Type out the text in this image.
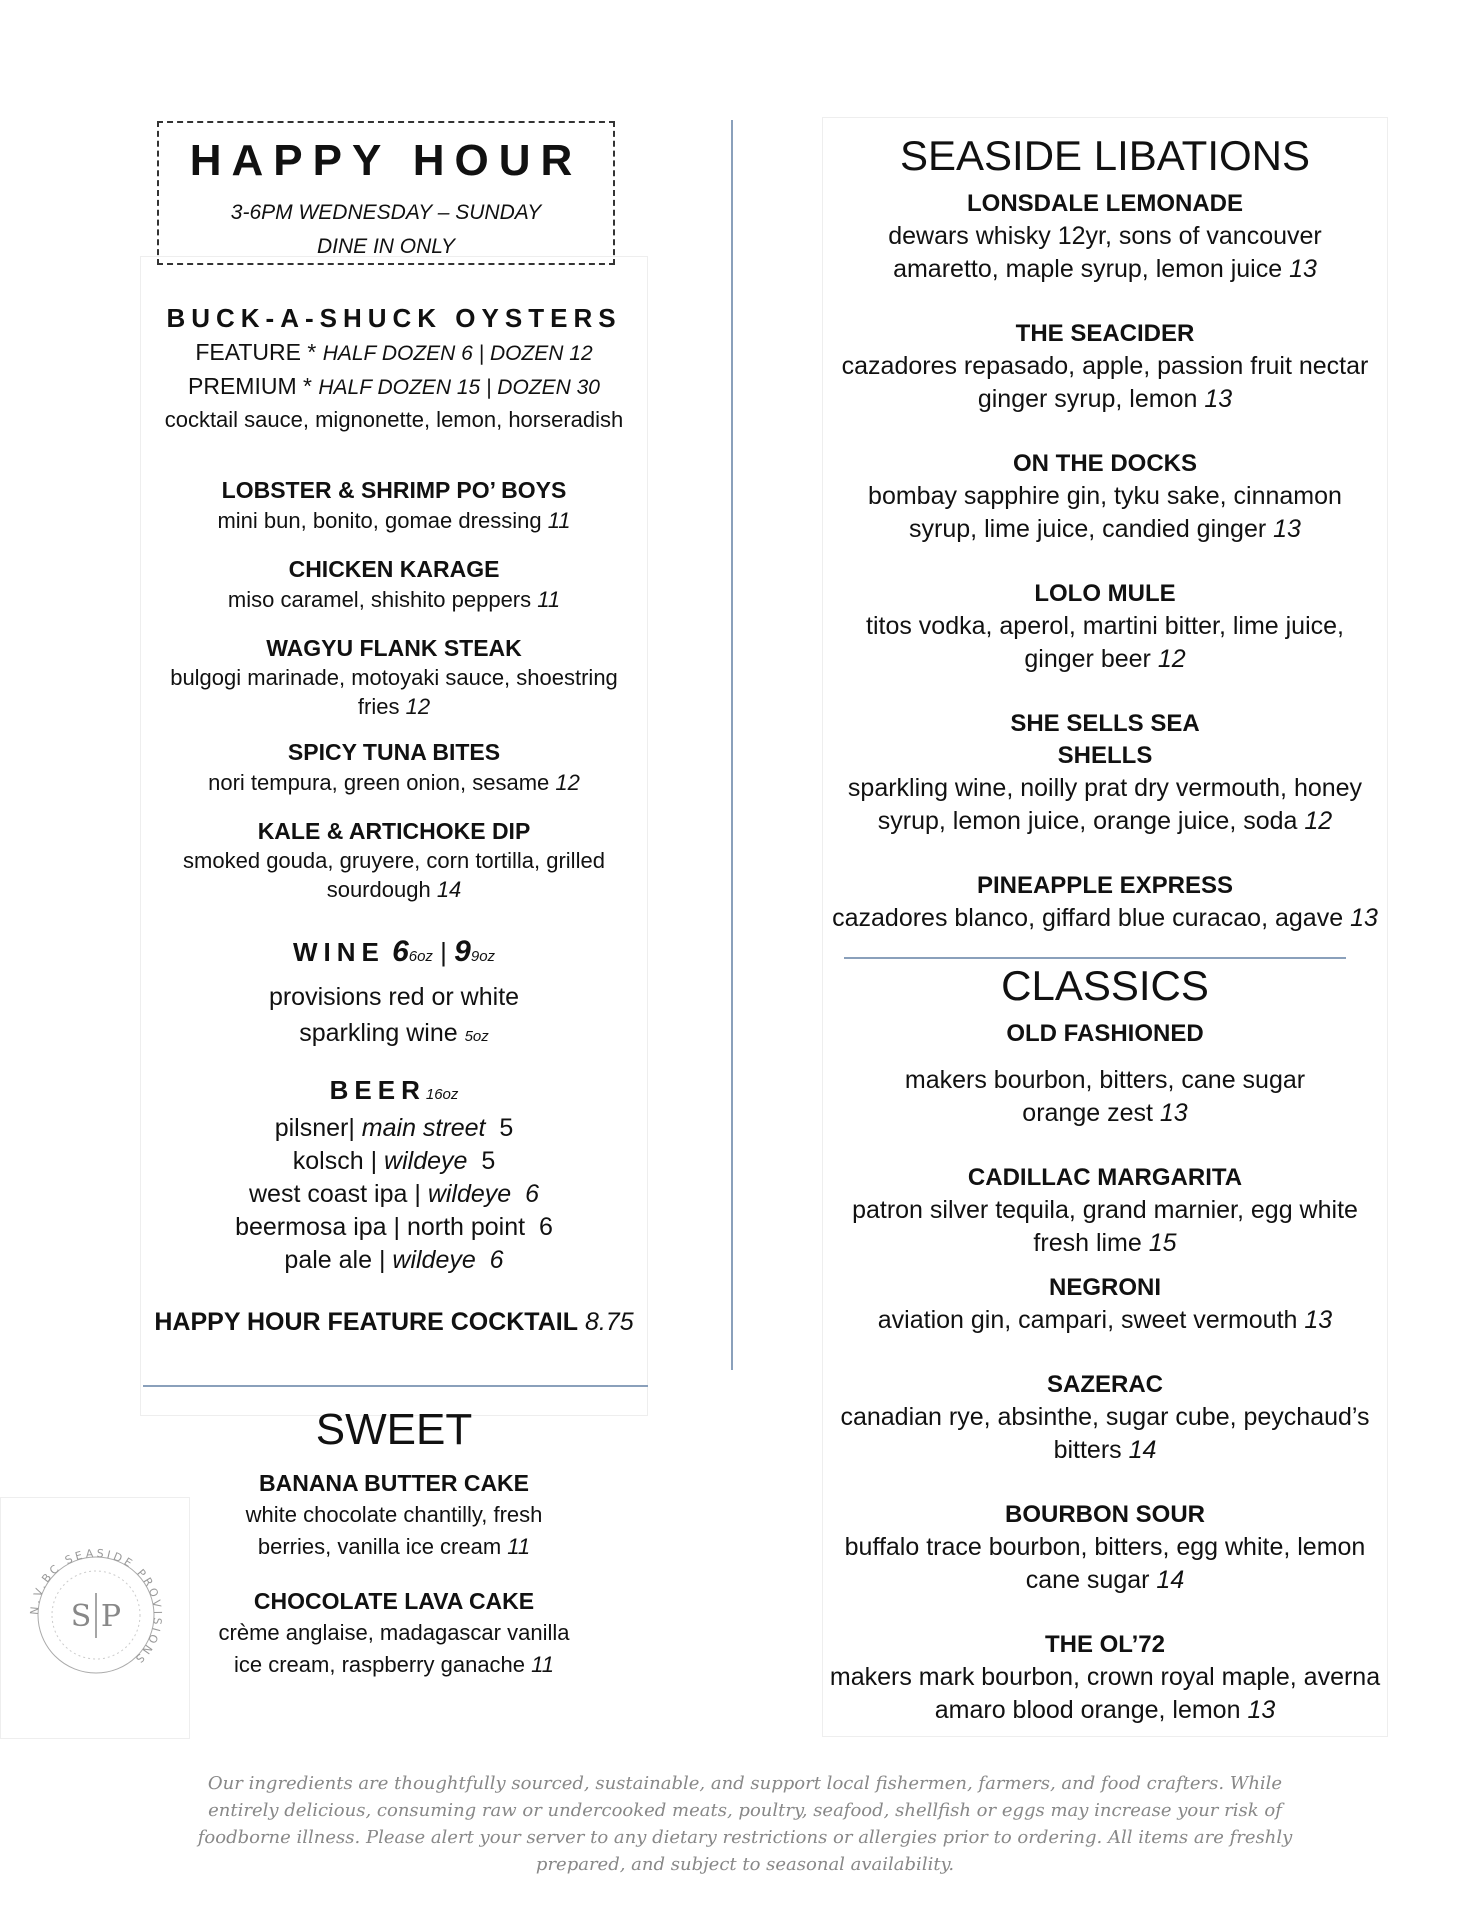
HAPPY HOUR
3-6PM WEDNESDAY – SUNDAY
DINE IN ONLY
BUCK-A-SHUCK OYSTERS
FEATURE * HALF DOZEN 6 | DOZEN 12
PREMIUM * HALF DOZEN 15 | DOZEN 30
cocktail sauce, mignonette, lemon, horseradish
LOBSTER & SHRIMP PO’ BOYS
mini bun, bonito, gomae dressing 11
CHICKEN KARAGE
miso caramel, shishito peppers 11
WAGYU FLANK STEAK
bulgogi marinade, motoyaki sauce, shoestring
fries 12
SPICY TUNA BITES
nori tempura, green onion, sesame 12
KALE & ARTICHOKE DIP
smoked gouda, gruyere, corn tortilla, grilled
sourdough 14
WINE 66oz | 99oz
provisions red or white
sparkling wine 5oz
BEER16oz
pilsner| main street 5
kolsch | wildeye 5
west coast ipa | wildeye 6
beermosa ipa | north point 6
pale ale | wildeye 6
HAPPY HOUR FEATURE COCKTAIL 8.75
SWEET
BANANA BUTTER CAKE
white chocolate chantilly, fresh
berries, vanilla ice cream 11
CHOCOLATE LAVA CAKE
crème anglaise, madagascar vanilla
ice cream, raspberry ganache 11
N.V.BC SEASIDE PROVISIONS
S P
SEASIDE LIBATIONS
LONSDALE LEMONADE
dewars whisky 12yr, sons of vancouver
amaretto, maple syrup, lemon juice 13
THE SEACIDER
cazadores repasado, apple, passion fruit nectar
ginger syrup, lemon 13
ON THE DOCKS
bombay sapphire gin, tyku sake, cinnamon
syrup, lime juice, candied ginger 13
LOLO MULE
titos vodka, aperol, martini bitter, lime juice,
ginger beer 12
SHE SELLS SEA
SHELLS
sparkling wine, noilly prat dry vermouth, honey
syrup, lemon juice, orange juice, soda 12
PINEAPPLE EXPRESS
cazadores blanco, giffard blue curacao, agave 13
CLASSICS
OLD FASHIONED
makers bourbon, bitters, cane sugar
orange zest 13
CADILLAC MARGARITA
patron silver tequila, grand marnier, egg white
fresh lime 15
NEGRONI
aviation gin, campari, sweet vermouth 13
SAZERAC
canadian rye, absinthe, sugar cube, peychaud’s
bitters 14
BOURBON SOUR
buffalo trace bourbon, bitters, egg white, lemon
cane sugar 14
THE OL’72
makers mark bourbon, crown royal maple, averna
amaro blood orange, lemon 13
Our ingredients are thoughtfully sourced, sustainable, and support local fishermen, farmers, and food crafters. While entirely delicious, consuming raw or undercooked meats, poultry, seafood, shellfish or eggs may increase your risk of foodborne illness. Please alert your server to any dietary restrictions or allergies prior to ordering. All items are freshly prepared, and subject to seasonal availability.
